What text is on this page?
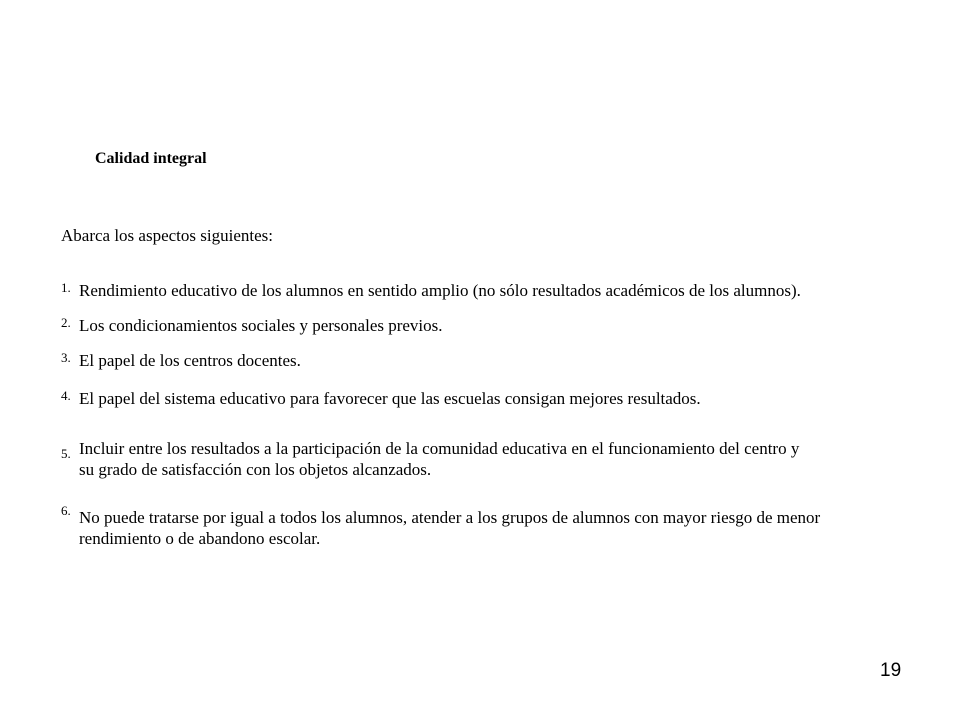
Calidad integral
Abarca los aspectos siguientes:
1. Rendimiento educativo de los alumnos en sentido amplio (no sólo resultados académicos de los alumnos).
2. Los condicionamientos sociales y personales previos.
3. El papel de los centros docentes.
4. El papel del sistema educativo para favorecer que las escuelas consigan mejores resultados.
5. Incluir entre los resultados a la participación de la comunidad educativa en el funcionamiento del centro y
su grado de satisfacción con los objetos alcanzados.
6. No puede tratarse por igual a todos los alumnos, atender a los grupos de alumnos con mayor riesgo de menor
rendimiento o de abandono escolar.
19
